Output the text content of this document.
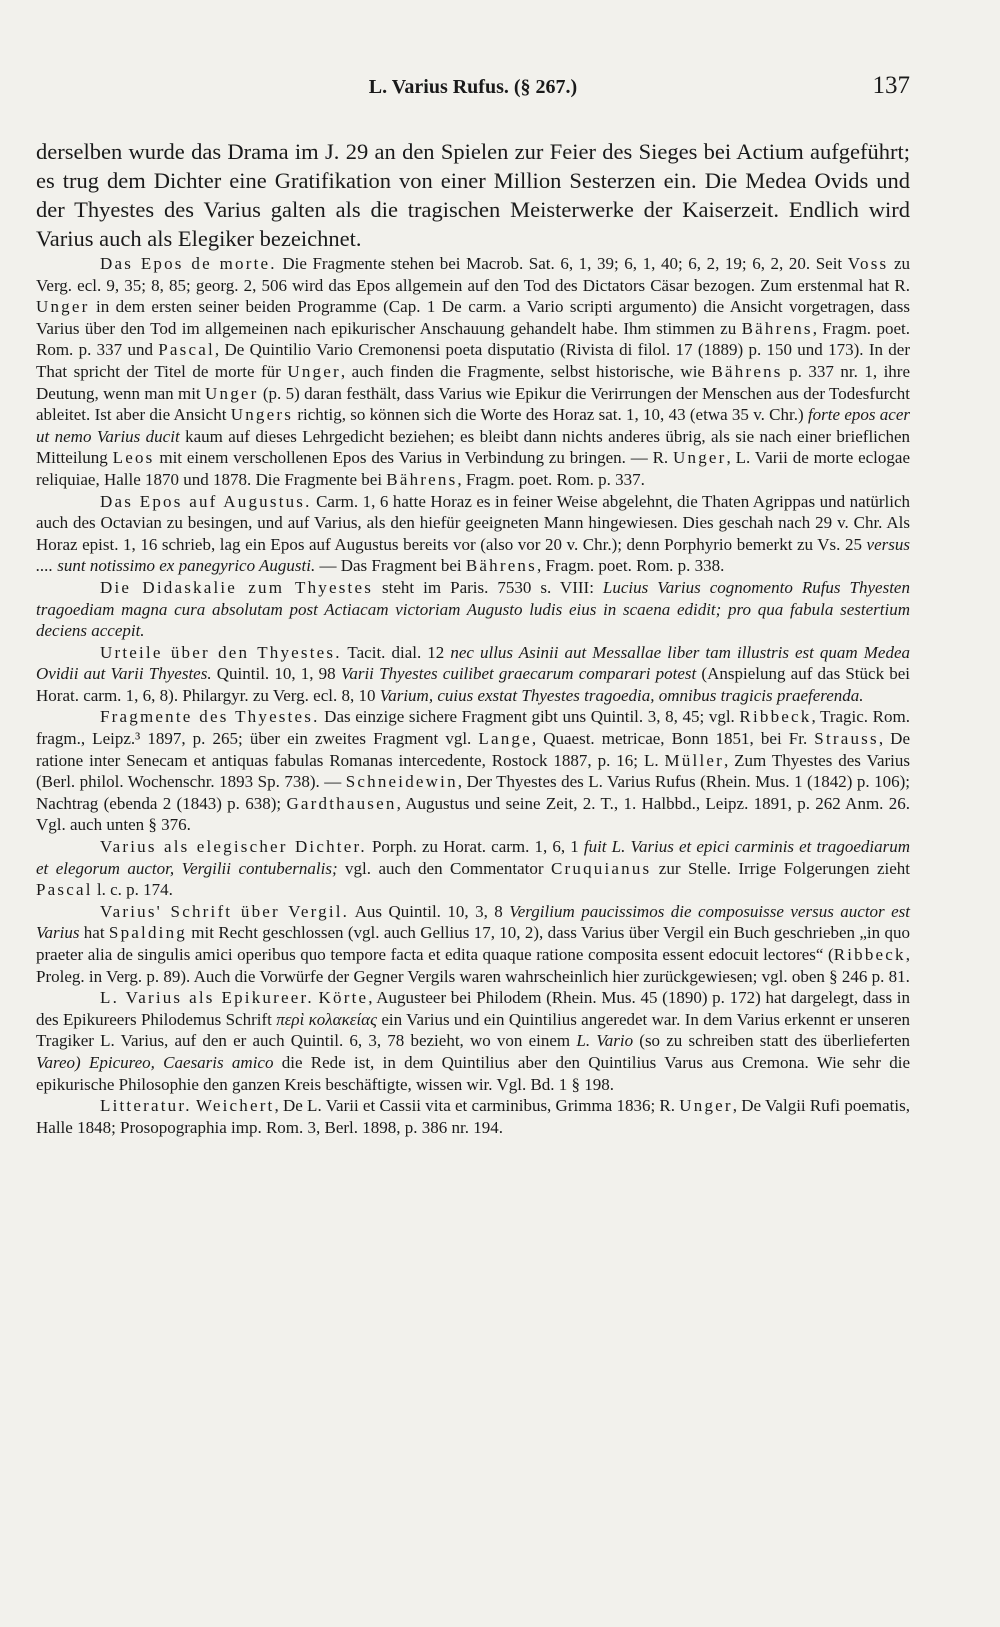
L. Varius Rufus. (§ 267.)	137

derselben wurde das Drama im J. 29 an den Spielen zur Feier des Sieges bei Actium aufgeführt; es trug dem Dichter eine Gratifikation von einer Million Sesterzen ein. Die Medea Ovids und der Thyestes des Varius galten als die tragischen Meisterwerke der Kaiserzeit. Endlich wird Varius auch als Elegiker bezeichnet.

Das Epos de morte. Die Fragmente stehen bei Macrob. Sat. 6, 1, 39; 6, 1, 40; 6, 2, 19; 6, 2, 20. Seit Voss zu Verg. ecl. 9, 35; 8, 85; georg. 2, 506 wird das Epos allgemein auf den Tod des Dictators Cäsar bezogen. Zum erstenmal hat R. Unger in dem ersten seiner beiden Programme (Cap. 1 De carm. a Vario scripti argumento) die Ansicht vorgetragen, dass Varius über den Tod im allgemeinen nach epikurischer Anschauung gehandelt habe. Ihm stimmen zu Bährens, Fragm. poet. Rom. p. 337 und Pascal, De Quintilio Vario Cremonensi poeta disputatio (Rivista di filol. 17 (1889) p. 150 und 173). In der That spricht der Titel de morte für Unger, auch finden die Fragmente, selbst historische, wie Bährens p. 337 nr. 1, ihre Deutung, wenn man mit Unger (p. 5) daran festhält, dass Varius wie Epikur die Verirrungen der Menschen aus der Todesfurcht ableitet. Ist aber die Ansicht Ungers richtig, so können sich die Worte des Horaz sat. 1, 10, 43 (etwa 35 v. Chr.) forte epos acer ut nemo Varius ducit kaum auf dieses Lehrgedicht beziehen; es bleibt dann nichts anderes übrig, als sie nach einer brieflichen Mitteilung Leos mit einem verschollenen Epos des Varius in Verbindung zu bringen. — R. Unger, L. Varii de morte eclogae reliquiae, Halle 1870 und 1878. Die Fragmente bei Bährens, Fragm. poet. Rom. p. 337.

Das Epos auf Augustus. Carm. 1, 6 hatte Horaz es in feiner Weise abgelehnt, die Thaten Agrippas und natürlich auch des Octavian zu besingen, und auf Varius, als den hiefür geeigneten Mann hingewiesen. Dies geschah nach 29 v. Chr. Als Horaz epist. 1, 16 schrieb, lag ein Epos auf Augustus bereits vor (also vor 20 v. Chr.); denn Porphyrio bemerkt zu Vs. 25 versus .... sunt notissimo ex panegyrico Augusti. — Das Fragment bei Bährens, Fragm. poet. Rom. p. 338.

Die Didaskalie zum Thyestes steht im Paris. 7530 s. VIII: Lucius Varius cognomento Rufus Thyesten tragoediam magna cura absolutam post Actiacam victoriam Augusto ludis eius in scaena edidit; pro qua fabula sestertium deciens accepit.

Urteile über den Thyestes. Tacit. dial. 12 nec ullus Asinii aut Messallae liber tam illustris est quam Medea Ovidii aut Varii Thyestes. Quintil. 10, 1, 98 Varii Thyestes cuilibet graecarum comparari potest (Anspielung auf das Stück bei Horat. carm. 1, 6, 8). Philargyr. zu Verg. ecl. 8, 10 Varium, cuius exstat Thyestes tragoedia, omnibus tragicis praeferenda.

Fragmente des Thyestes. Das einzige sichere Fragment gibt uns Quintil. 3, 8, 45; vgl. Ribbeck, Tragic. Rom. fragm., Leipz.³ 1897, p. 265; über ein zweites Fragment vgl. Lange, Quaest. metricae, Bonn 1851, bei Fr. Strauss, De ratione inter Senecam et antiquas fabulas Romanas intercedente, Rostock 1887, p. 16; L. Müller, Zum Thyestes des Varius (Berl. philol. Wochenschr. 1893 Sp. 738). — Schneidewin, Der Thyestes des L. Varius Rufus (Rhein. Mus. 1 (1842) p. 106); Nachtrag (ebenda 2 (1843) p. 638); Gardthausen, Augustus und seine Zeit, 2. T., 1. Halbbd., Leipz. 1891, p. 262 Anm. 26. Vgl. auch unten § 376.

Varius als elegischer Dichter. Porph. zu Horat. carm. 1, 6, 1 fuit L. Varius et epici carminis et tragoediarum et elegorum auctor, Vergilii contubernalis; vgl. auch den Commentator Cruquianus zur Stelle. Irrige Folgerungen zieht Pascal l. c. p. 174.

Varius' Schrift über Vergil. Aus Quintil. 10, 3, 8 Vergilium paucissimos die composuisse versus auctor est Varius hat Spalding mit Recht geschlossen (vgl. auch Gellius 17, 10, 2), dass Varius über Vergil ein Buch geschrieben „in quo praeter alia de singulis amici operibus quo tempore facta et edita quaque ratione composita essent edocuit lectores“ (Ribbeck, Proleg. in Verg. p. 89). Auch die Vorwürfe der Gegner Vergils waren wahrscheinlich hier zurückgewiesen; vgl. oben § 246 p. 81.

L. Varius als Epikureer. Körte, Augusteer bei Philodem (Rhein. Mus. 45 (1890) p. 172) hat dargelegt, dass in des Epikureers Philodemus Schrift περὶ κολακείας ein Varius und ein Quintilius angeredet war. In dem Varius erkennt er unseren Tragiker L. Varius, auf den er auch Quintil. 6, 3, 78 bezieht, wo von einem L. Vario (so zu schreiben statt des überlieferten Vareo) Epicureo, Caesaris amico die Rede ist, in dem Quintilius aber den Quintilius Varus aus Cremona. Wie sehr die epikurische Philosophie den ganzen Kreis beschäftigte, wissen wir. Vgl. Bd. 1 § 198.

Litteratur. Weichert, De L. Varii et Cassii vita et carminibus, Grimma 1836; R. Unger, De Valgii Rufi poematis, Halle 1848; Prosopographia imp. Rom. 3, Berl. 1898, p. 386 nr. 194.
